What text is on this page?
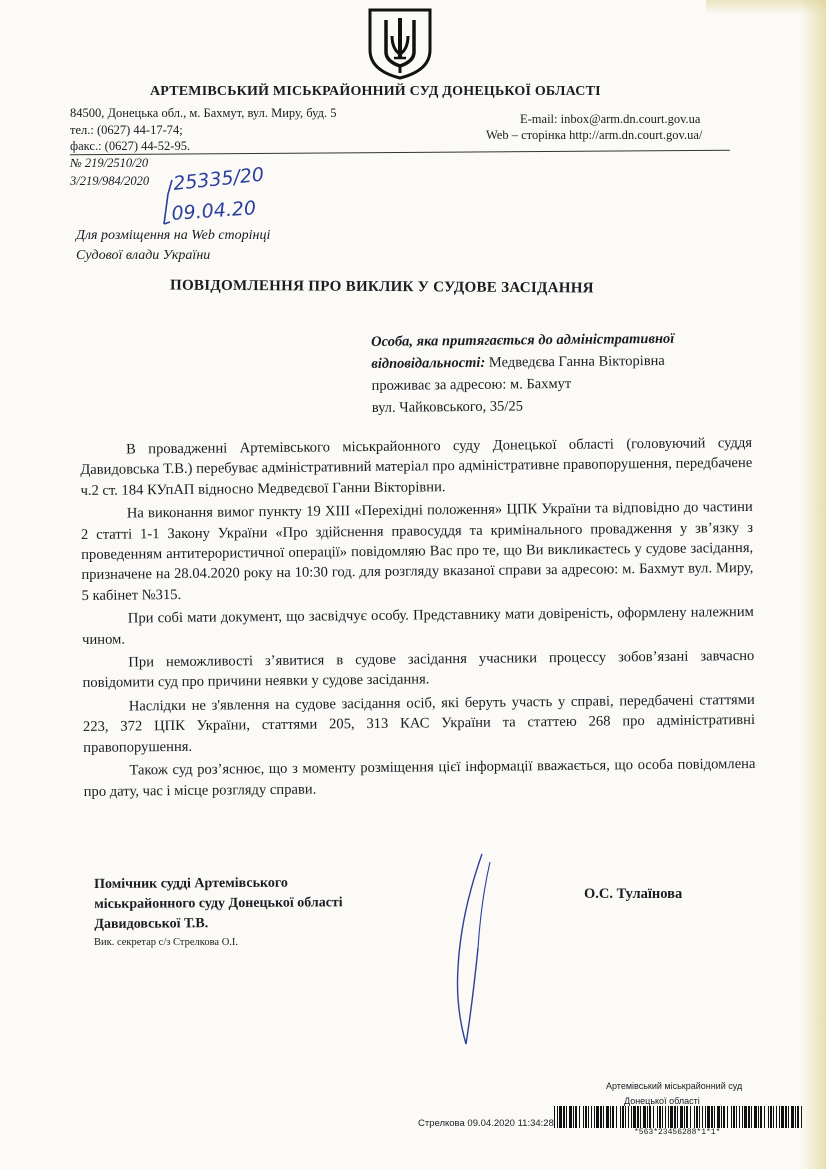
АРТЕМІВСЬКИЙ МІСЬКРАЙОННИЙ СУД ДОНЕЦЬКОЇ ОБЛАСТІ
84500, Донецька обл., м. Бахмут, вул. Миру, буд. 5
тел.: (0627) 44-17-74;
факс.: (0627) 44-52-95.
E-mail: inbox@arm.dn.court.gov.ua
Web – сторінка http://arm.dn.court.gov.ua/
№ 219/2510/20
3/219/984/2020 25335/20
09.04.20
Для розміщення на Web сторінці
Судової влади України
ПОВІДОМЛЕННЯ ПРО ВИКЛИК У СУДОВЕ ЗАСІДАННЯ
Особа, яка притягається до адміністративної
відповідальності: Медведєва Ганна Вікторівна
проживає за адресою: м. Бахмут
вул. Чайковського, 35/25

В провадженні Артемівського міськрайонного суду Донецької області (головуючий суддя Давидовська Т.В.) перебуває адміністративний матеріал про адміністративне правопорушення, передбачене ч.2 ст. 184 КУпАП відносно Медведєвої Ганни Вікторівни.

На виконання вимог пункту 19 XIII «Перехідні положення» ЦПК України та відповідно до частини 2 статті 1-1 Закону України «Про здійснення правосуддя та кримінального провадження у зв’язку з проведенням антитерористичної операції» повідомляю Вас про те, що Ви викликаєтесь у судове засідання, призначене на 28.04.2020 року на 10:30 год. для розгляду вказаної справи за адресою: м. Бахмут вул. Миру, 5 кабінет №315.

При собі мати документ, що засвідчує особу. Представнику мати довіреність, оформлену належним чином.

При неможливості з’явитися в судове засідання учасники процессу зобов’язані завчасно повідомити суд про причини неявки у судове засідання.

Наслідки не з'явлення на судове засідання осіб, які беруть участь у справі, передбачені статтями 223, 372 ЦПК України, статтями 205, 313 КАС України та статтею 268 про адміністративні правопорушення.

Також суд роз’яснює, що з моменту розміщення цієї інформації вважається, що особа повідомлена про дату, час і місце розгляду справи.

Помічник судді Артемівського
міськрайонного суду Донецької області
Давидовської Т.В.
Вик. секретар с/з Стрелкова О.І.
О.С. Тулаїнова
Артемівський міськрайонний суд
Донецької області
Стрелкова 09.04.2020 11:34:28
*563*23456288*1*1*
